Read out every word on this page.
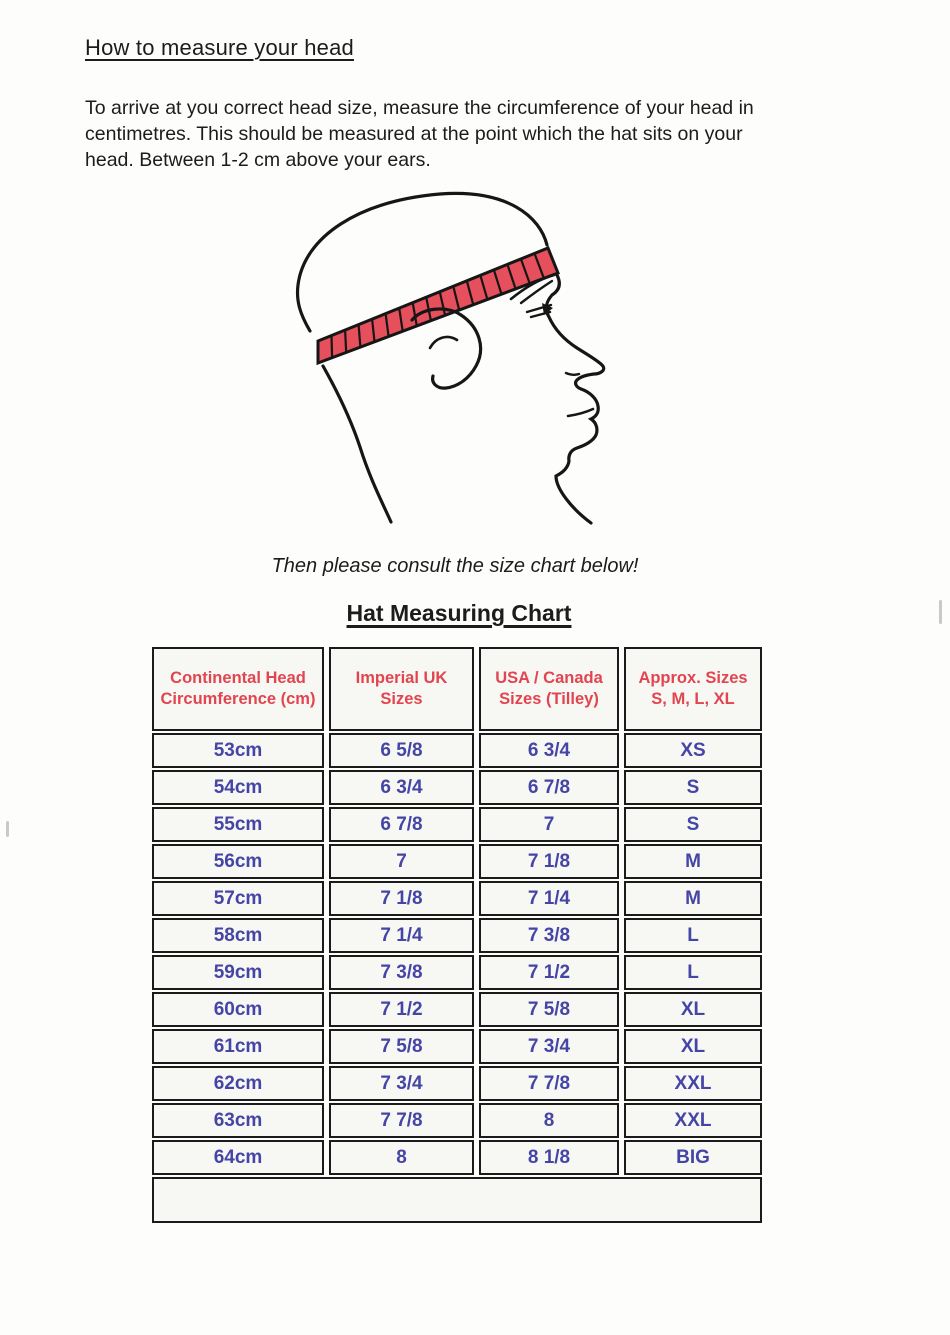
How to measure your head
To arrive at you correct head size, measure the circumference of your head in
centimetres. This should be measured at the point which the hat sits on your
head. Between 1-2 cm above your ears.
Then please consult the size chart below!
Hat Measuring Chart
Continental Head Circumference (cm)	Imperial UK Sizes	USA / Canada Sizes (Tilley)	Approx. Sizes S, M, L, XL
53cm	6 5/8	6 3/4	XS
54cm	6 3/4	6 7/8	S
55cm	6 7/8	7	S
56cm	7	7 1/8	M
57cm	7 1/8	7 1/4	M
58cm	7 1/4	7 3/8	L
59cm	7 3/8	7 1/2	L
60cm	7 1/2	7 5/8	XL
61cm	7 5/8	7 3/4	XL
62cm	7 3/4	7 7/8	XXL
63cm	7 7/8	8	XXL
64cm	8	8 1/8	BIG
